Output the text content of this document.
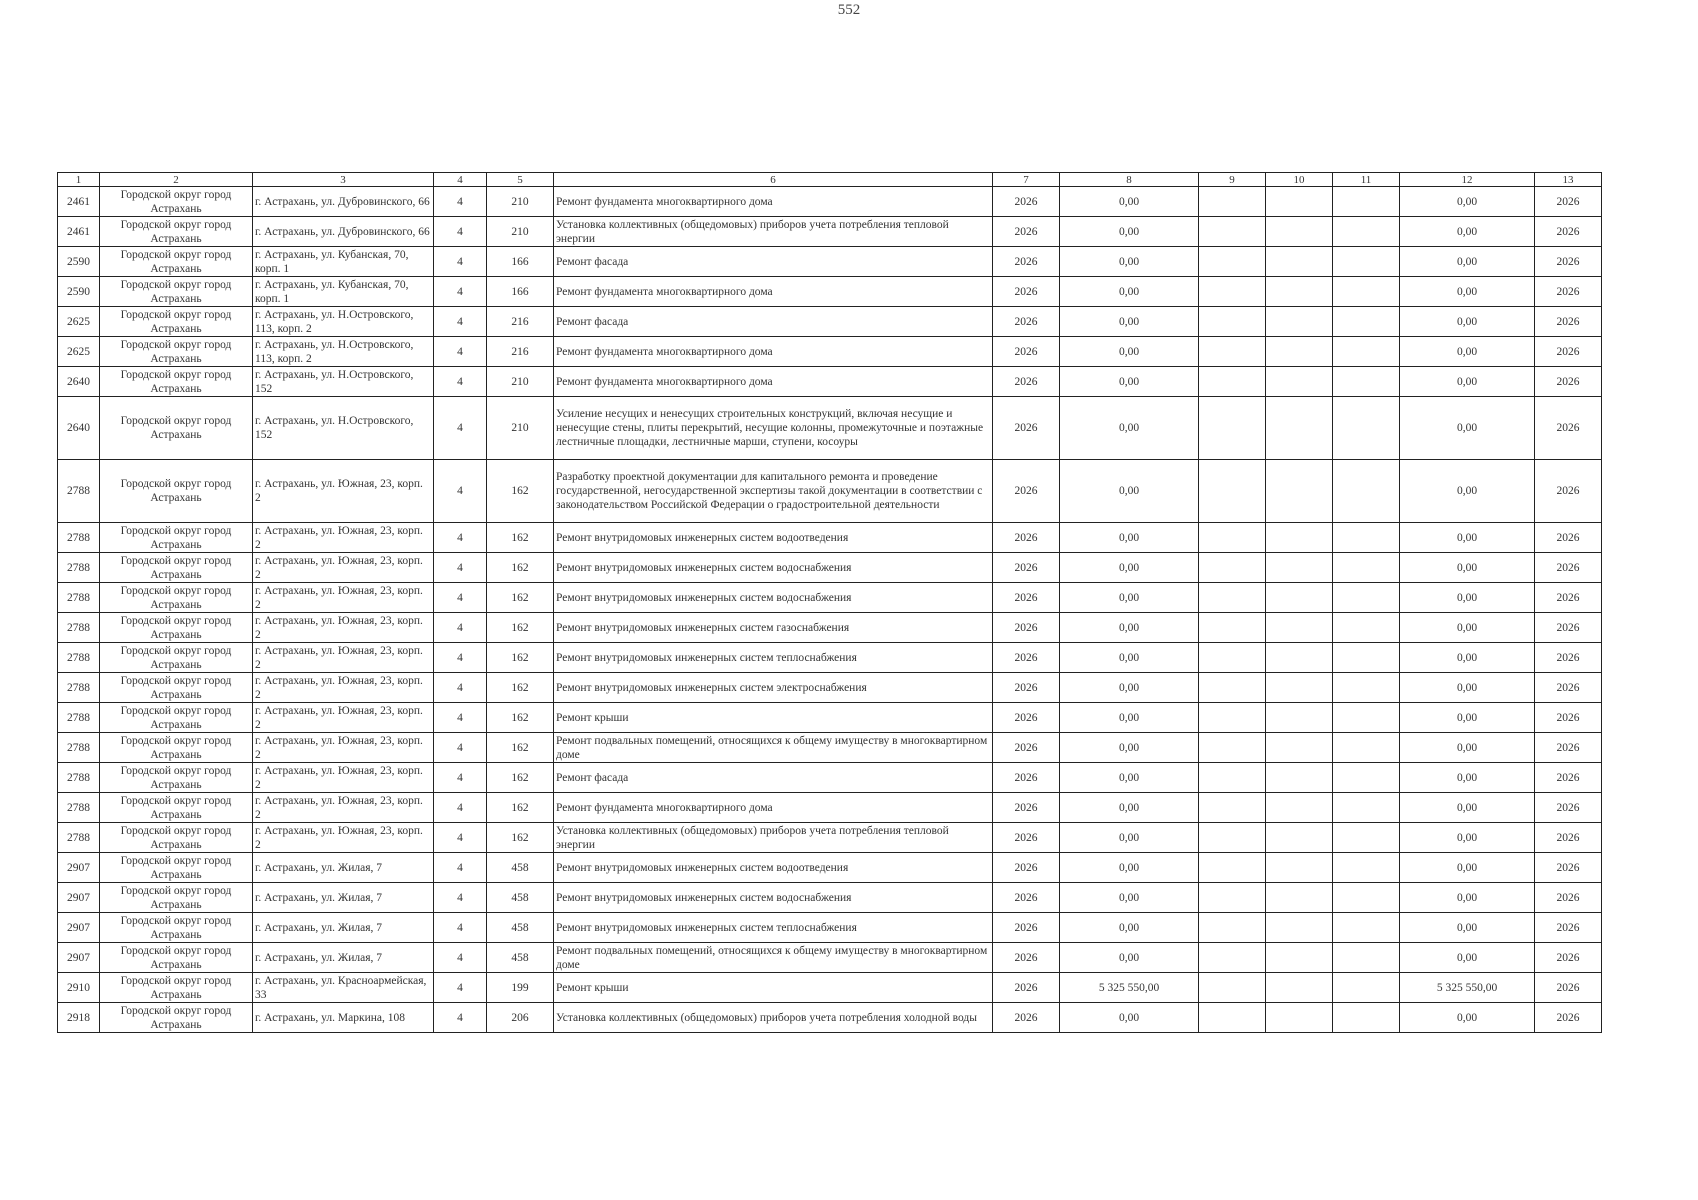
552
1	2	3	4	5	6	7	8	9	10	11	12	13
2461	Городской округ город Астрахань	г. Астрахань, ул. Дубровинского, 66	4	210	Ремонт фундамента многоквартирного дома	2026	0,00				0,00	2026
2461	Городской округ город Астрахань	г. Астрахань, ул. Дубровинского, 66	4	210	Установка коллективных (общедомовых) приборов учета потребления тепловой энергии	2026	0,00				0,00	2026
2590	Городской округ город Астрахань	г. Астрахань, ул. Кубанская, 70, корп. 1	4	166	Ремонт фасада	2026	0,00				0,00	2026
2590	Городской округ город Астрахань	г. Астрахань, ул. Кубанская, 70, корп. 1	4	166	Ремонт фундамента многоквартирного дома	2026	0,00				0,00	2026
2625	Городской округ город Астрахань	г. Астрахань, ул. Н.Островского, 113, корп. 2	4	216	Ремонт фасада	2026	0,00				0,00	2026
2625	Городской округ город Астрахань	г. Астрахань, ул. Н.Островского, 113, корп. 2	4	216	Ремонт фундамента многоквартирного дома	2026	0,00				0,00	2026
2640	Городской округ город Астрахань	г. Астрахань, ул. Н.Островского, 152	4	210	Ремонт фундамента многоквартирного дома	2026	0,00				0,00	2026
2640	Городской округ город Астрахань	г. Астрахань, ул. Н.Островского, 152	4	210	Усиление несущих и ненесущих строительных конструкций, включая несущие и ненесущие стены, плиты перекрытий, несущие колонны, промежуточные и поэтажные лестничные площадки, лестничные марши, ступени, косоуры	2026	0,00				0,00	2026
2788	Городской округ город Астрахань	г. Астрахань, ул. Южная, 23, корп. 2	4	162	Разработку проектной документации для капитального ремонта и проведение государственной, негосударственной экспертизы такой документации в соответствии с законодательством Российской Федерации о градостроительной деятельности	2026	0,00				0,00	2026
2788	Городской округ город Астрахань	г. Астрахань, ул. Южная, 23, корп. 2	4	162	Ремонт внутридомовых инженерных систем водоотведения	2026	0,00				0,00	2026
2788	Городской округ город Астрахань	г. Астрахань, ул. Южная, 23, корп. 2	4	162	Ремонт внутридомовых инженерных систем водоснабжения	2026	0,00				0,00	2026
2788	Городской округ город Астрахань	г. Астрахань, ул. Южная, 23, корп. 2	4	162	Ремонт внутридомовых инженерных систем водоснабжения	2026	0,00				0,00	2026
2788	Городской округ город Астрахань	г. Астрахань, ул. Южная, 23, корп. 2	4	162	Ремонт внутридомовых инженерных систем газоснабжения	2026	0,00				0,00	2026
2788	Городской округ город Астрахань	г. Астрахань, ул. Южная, 23, корп. 2	4	162	Ремонт внутридомовых инженерных систем теплоснабжения	2026	0,00				0,00	2026
2788	Городской округ город Астрахань	г. Астрахань, ул. Южная, 23, корп. 2	4	162	Ремонт внутридомовых инженерных систем электроснабжения	2026	0,00				0,00	2026
2788	Городской округ город Астрахань	г. Астрахань, ул. Южная, 23, корп. 2	4	162	Ремонт крыши	2026	0,00				0,00	2026
2788	Городской округ город Астрахань	г. Астрахань, ул. Южная, 23, корп. 2	4	162	Ремонт подвальных помещений, относящихся к общему имуществу в многоквартирном доме	2026	0,00				0,00	2026
2788	Городской округ город Астрахань	г. Астрахань, ул. Южная, 23, корп. 2	4	162	Ремонт фасада	2026	0,00				0,00	2026
2788	Городской округ город Астрахань	г. Астрахань, ул. Южная, 23, корп. 2	4	162	Ремонт фундамента многоквартирного дома	2026	0,00				0,00	2026
2788	Городской округ город Астрахань	г. Астрахань, ул. Южная, 23, корп. 2	4	162	Установка коллективных (общедомовых) приборов учета потребления тепловой энергии	2026	0,00				0,00	2026
2907	Городской округ город Астрахань	г. Астрахань, ул. Жилая, 7	4	458	Ремонт внутридомовых инженерных систем водоотведения	2026	0,00				0,00	2026
2907	Городской округ город Астрахань	г. Астрахань, ул. Жилая, 7	4	458	Ремонт внутридомовых инженерных систем водоснабжения	2026	0,00				0,00	2026
2907	Городской округ город Астрахань	г. Астрахань, ул. Жилая, 7	4	458	Ремонт внутридомовых инженерных систем теплоснабжения	2026	0,00				0,00	2026
2907	Городской округ город Астрахань	г. Астрахань, ул. Жилая, 7	4	458	Ремонт подвальных помещений, относящихся к общему имуществу в многоквартирном доме	2026	0,00				0,00	2026
2910	Городской округ город Астрахань	г. Астрахань, ул. Красноармейская, 33	4	199	Ремонт крыши	2026	5 325 550,00				5 325 550,00	2026
2918	Городской округ город Астрахань	г. Астрахань, ул. Маркина, 108	4	206	Установка коллективных (общедомовых) приборов учета потребления холодной воды	2026	0,00				0,00	2026
